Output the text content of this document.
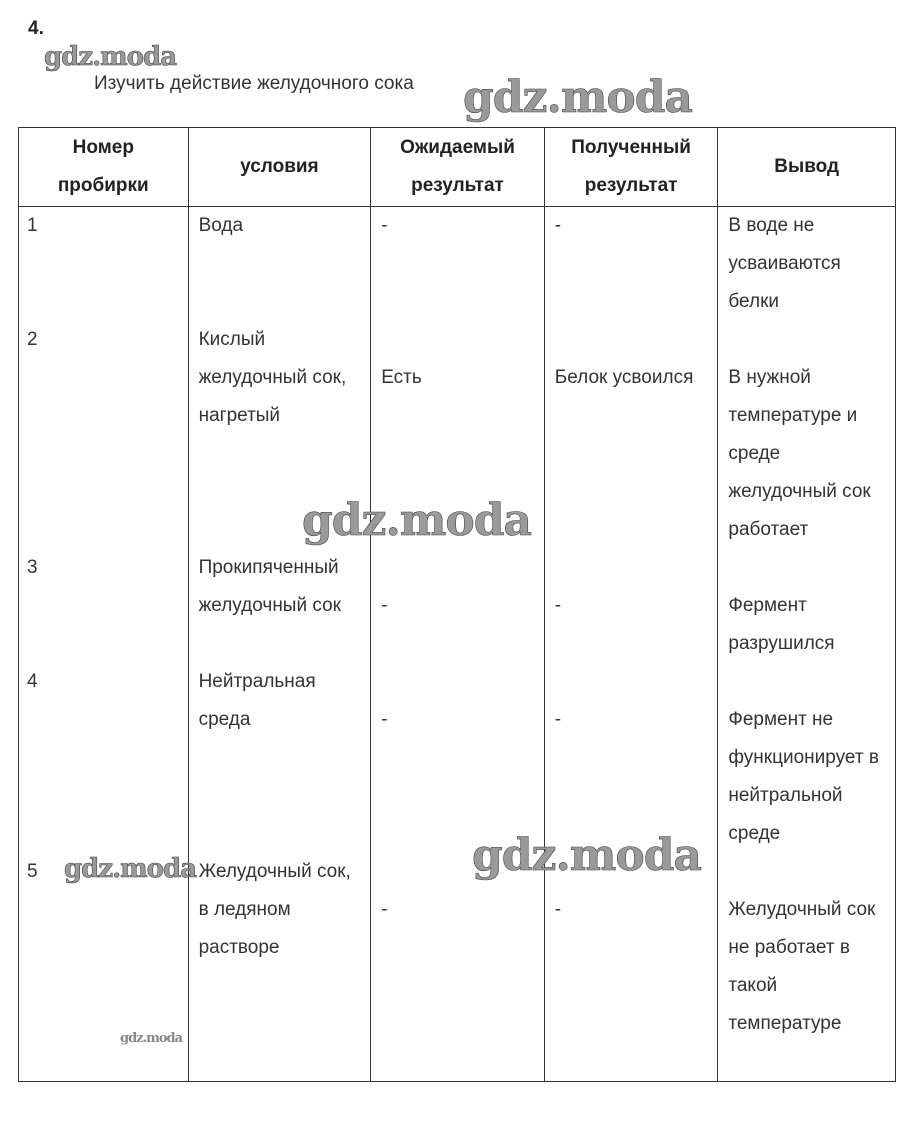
4.
gdz.moda
Изучить действие желудочного сока gdz.moda
Номер пробирки	условия	Ожидаемый результат	Полученный результат	Вывод
1	Вода	-	-	В воде не усваиваются белки
2	Кислый желудочный сок, нагретый	Есть	Белок усвоился	В нужной температуре и среде желудочный сок работает
3	Прокипяченный желудочный сок	-	-	Фермент разрушился
4	Нейтральная среда	-	-	Фермент не функционирует в нейтральной среде
5	Желудочный сок, в ледяном растворе	-	-	Желудочный сок не работает в такой температуре
gdz.moda
gdz.moda
gdz.moda
gdz.moda
